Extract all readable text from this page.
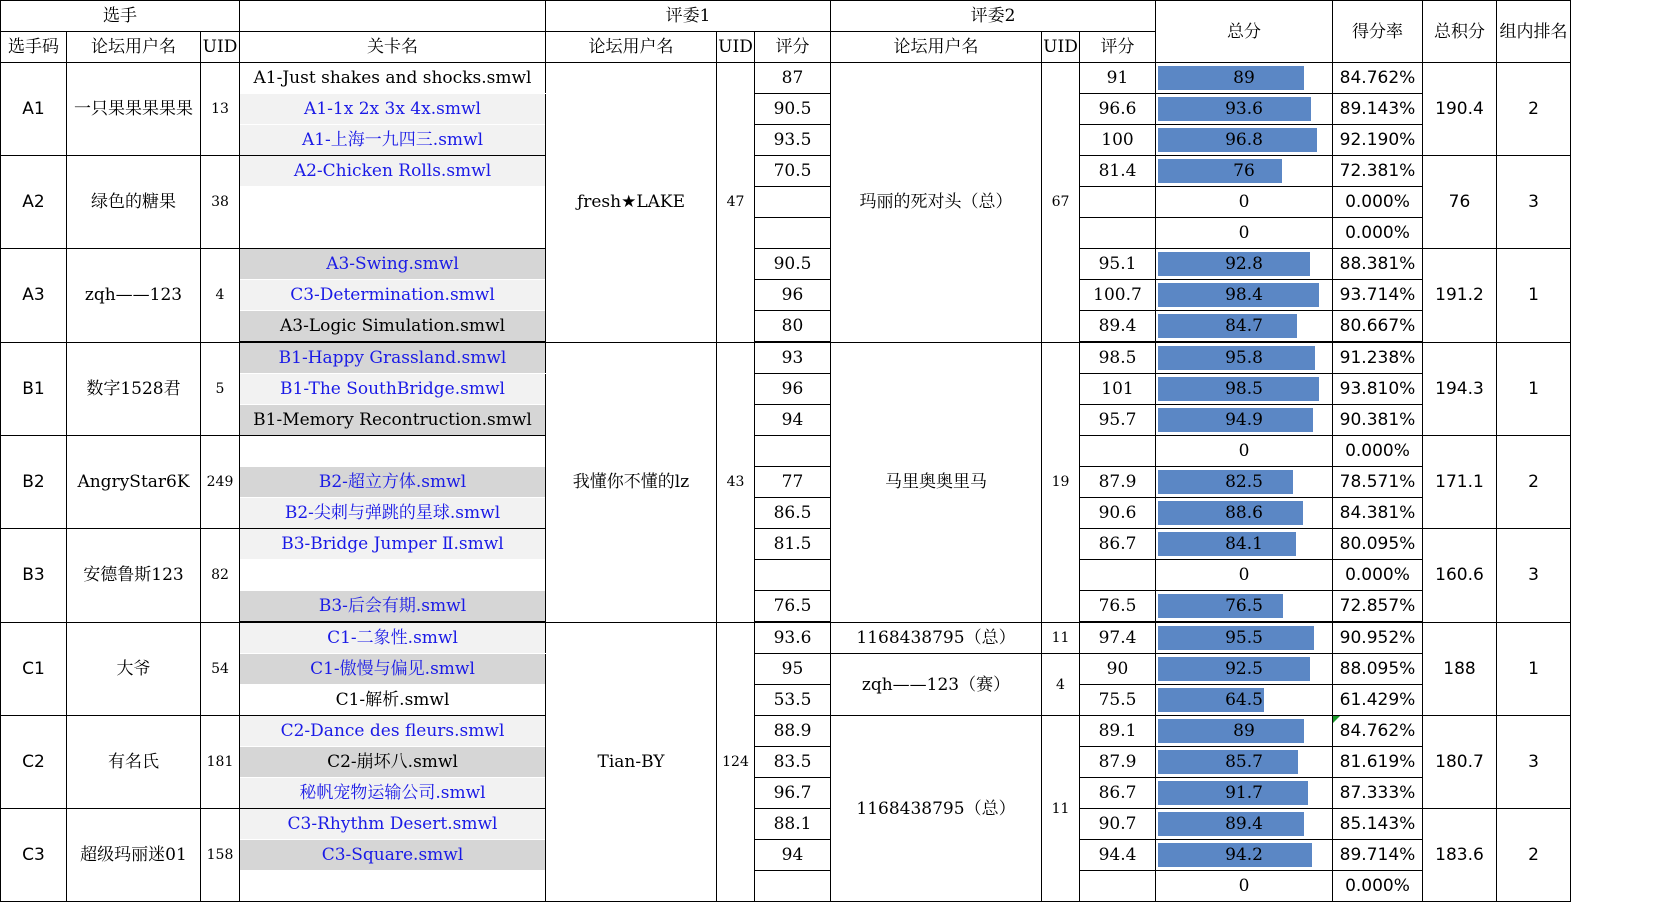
选手				评委1			评委2			总分	得分率	总积分	组内排名
选手码	论坛用户名	UID	关卡名	论坛用户名	UID	评分	论坛用户名	UID	评分				
A1	一只果果果果果	13	A1-Just shakes and shocks.smwl	ƒresh★LAKE	47	87	玛丽的死对头（总）	67	91	89	84.762%	190.4	2
			A1-1x 2x 3x 4x.smwl			90.5			96.6	93.6	89.143%		
			A1-上海一九四三.smwl			93.5			100	96.8	92.190%		
A2	绿色的糖果	38	A2-Chicken Rolls.smwl			70.5			81.4	76	72.381%	76	3
										0	0.000%		
										0	0.000%		
A3	zqh——123	4	A3-Swing.smwl			90.5			95.1	92.8	88.381%	191.2	1
			C3-Determination.smwl			96			100.7	98.4	93.714%		
			A3-Logic Simulation.smwl			80			89.4	84.7	80.667%		
B1	数字1528君	5	B1-Happy Grassland.smwl	我懂你不懂的lz	43	93	马里奥奥里马	19	98.5	95.8	91.238%	194.3	1
			B1-The SouthBridge.smwl			96			101	98.5	93.810%		
			B1-Memory Recontruction.smwl			94			95.7	94.9	90.381%		
B2	AngryStar6K	249								0	0.000%	171.1	2
			B2-超立方体.smwl			77			87.9	82.5	78.571%		
			B2-尖刺与弹跳的星球.smwl			86.5			90.6	88.6	84.381%		
B3	安德鲁斯123	82	B3-Bridge Jumper Ⅱ.smwl			81.5			86.7	84.1	80.095%	160.6	3
										0	0.000%		
			B3-后会有期.smwl			76.5			76.5	76.5	72.857%		
C1	大爷	54	C1-二象性.smwl	Tian-BY	124	93.6	1168438795（总）	11	97.4	95.5	90.952%	188	1
			C1-傲慢与偏见.smwl			95	zqh——123（赛）	4	90	92.5	88.095%		
			C1-解析.smwl			53.5			75.5	64.5	61.429%		
C2	有名氏	181	C2-Dance des fleurs.smwl			88.9	1168438795（总）	11	89.1	89	84.762%	180.7	3
			C2-崩坏八.smwl			83.5			87.9	85.7	81.619%		
			秘帆宠物运输公司.smwl			96.7			86.7	91.7	87.333%		
C3	超级玛丽迷01	158	C3-Rhythm Desert.smwl			88.1			90.7	89.4	85.143%	183.6	2
			C3-Square.smwl			94			94.4	94.2	89.714%		
										0	0.000%		
